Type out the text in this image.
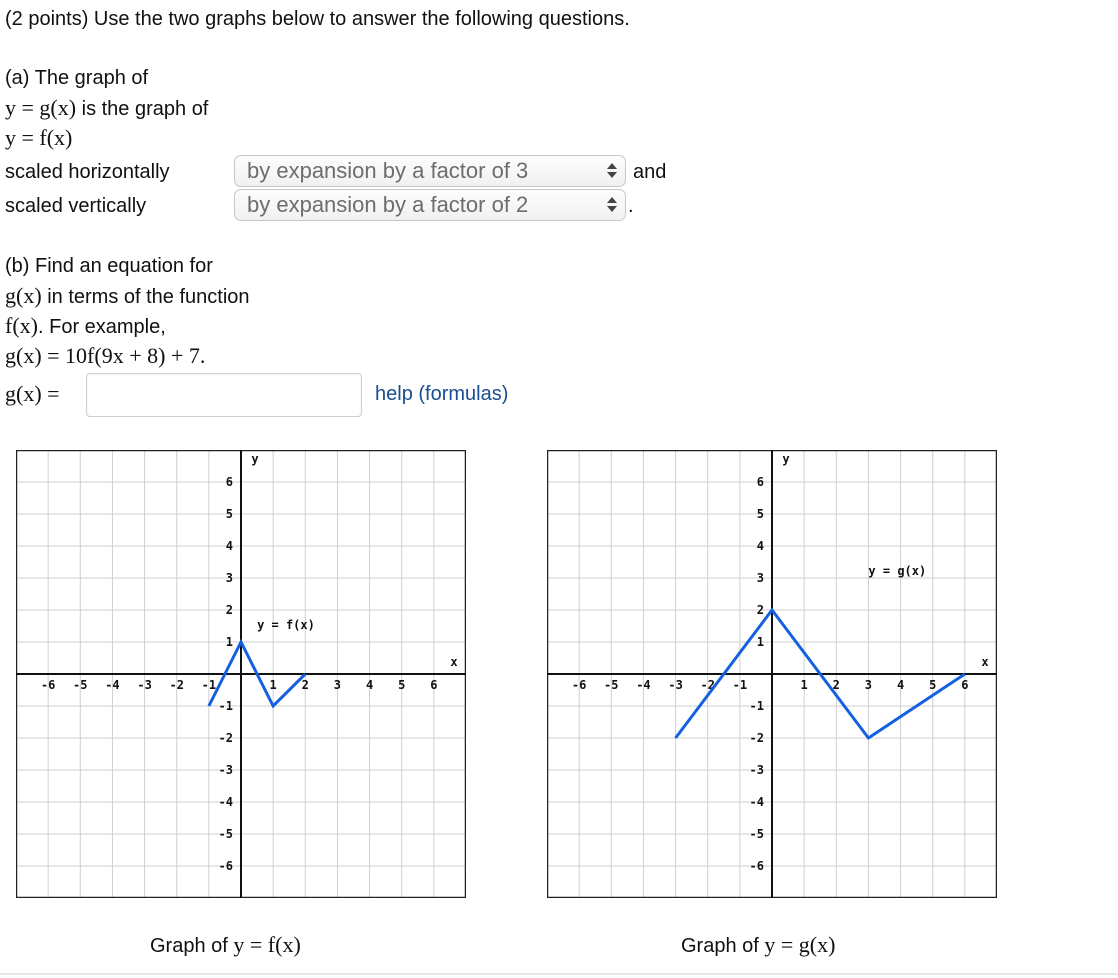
(2 points) Use the two graphs below to answer the following questions.
(a) The graph of
y = g(x) is the graph of
y = f(x)
scaled horizontally	by expansion by a factor of 3	and
scaled vertically	by expansion by a factor of 2	.
(b) Find an equation for
g(x) in terms of the function
f(x). For example,
g(x) = 10f(9x + 8) + 7.
g(x) =	help (formulas)
-6
-6
-5
-5
-4
-4
-3
-3
-2
-2
-1
-1
1
1
2
2
3
3
4
4
5
5
6
6
x
y
y = f(x)
Graph of y = f(x)
-6
-6
-5
-5
-4
-4
-3
-3
-2
-2
-1
-1
1
1
2
2
3
3
4
4
5
5
6
6
x
y
y = g(x)
Graph of y = g(x)
